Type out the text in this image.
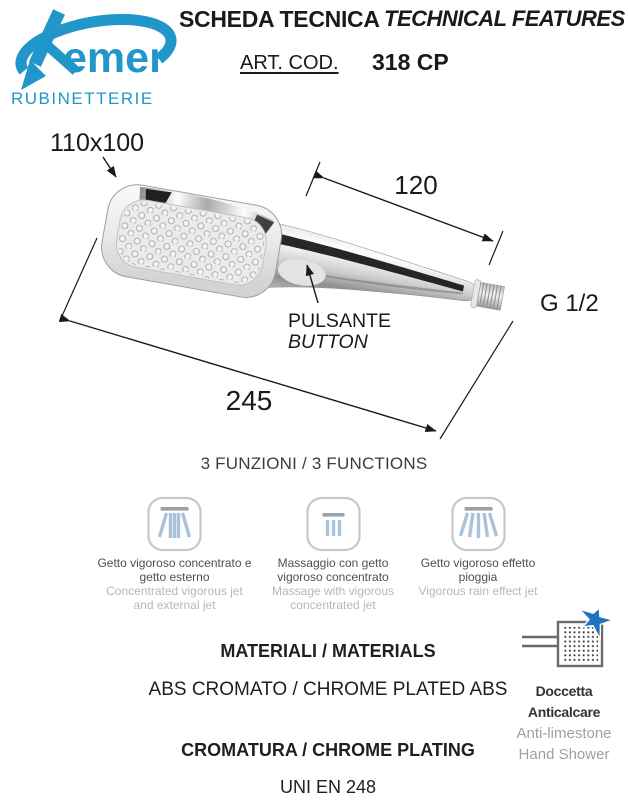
emer
RUBINETTERIE
SCHEDA TECNICA TECHNICAL FEATURES
ART. COD. 318 CP
110x100
120
G 1/2
PULSANTE
BUTTON
245
3 FUNZIONI / 3 FUNCTIONS
Getto vigoroso concentrato e getto esterno
Concentrated vigorous jet and external jet
Massaggio con getto vigoroso concentrato
Massage with vigorous concentrated jet
Getto vigoroso effetto pioggia
Vigorous rain effect jet
MATERIALI / MATERIALS
ABS CROMATO / CHROME PLATED ABS
CROMATURA / CHROME PLATING
UNI EN 248
Doccetta
Anticalcare
Anti-limestone
Hand Shower
